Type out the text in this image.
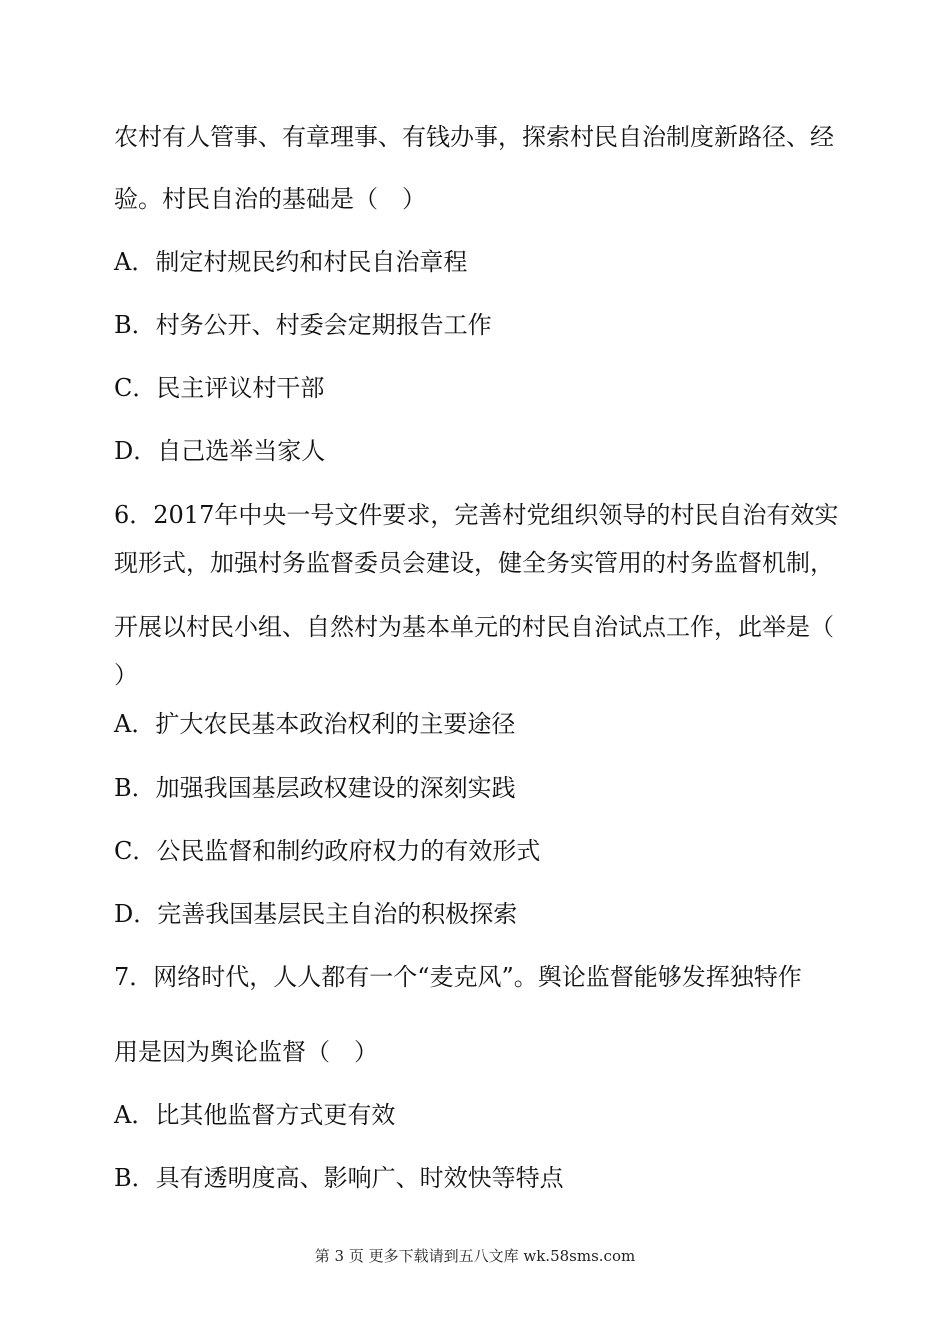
农村有人管事、有章理事、有钱办事，探索村民自治制度新路径、经
验。村民自治的基础是（　）
A．制定村规民约和村民自治章程
B．村务公开、村委会定期报告工作
C．民主评议村干部
D．自己选举当家人
6．2017年中央一号文件要求，完善村党组织领导的村民自治有效实
现形式，加强村务监督委员会建设，健全务实管用的村务监督机制，
开展以村民小组、自然村为基本单元的村民自治试点工作，此举是（
）
A．扩大农民基本政治权利的主要途径
B．加强我国基层政权建设的深刻实践
C．公民监督和制约政府权力的有效形式
D．完善我国基层民主自治的积极探索
7．网络时代，人人都有一个“麦克风”。舆论监督能够发挥独特作
用是因为舆论监督（　）
A．比其他监督方式更有效
B．具有透明度高、影响广、时效快等特点
第 3 页 更多下载请到五八文库 wk.58sms.com
